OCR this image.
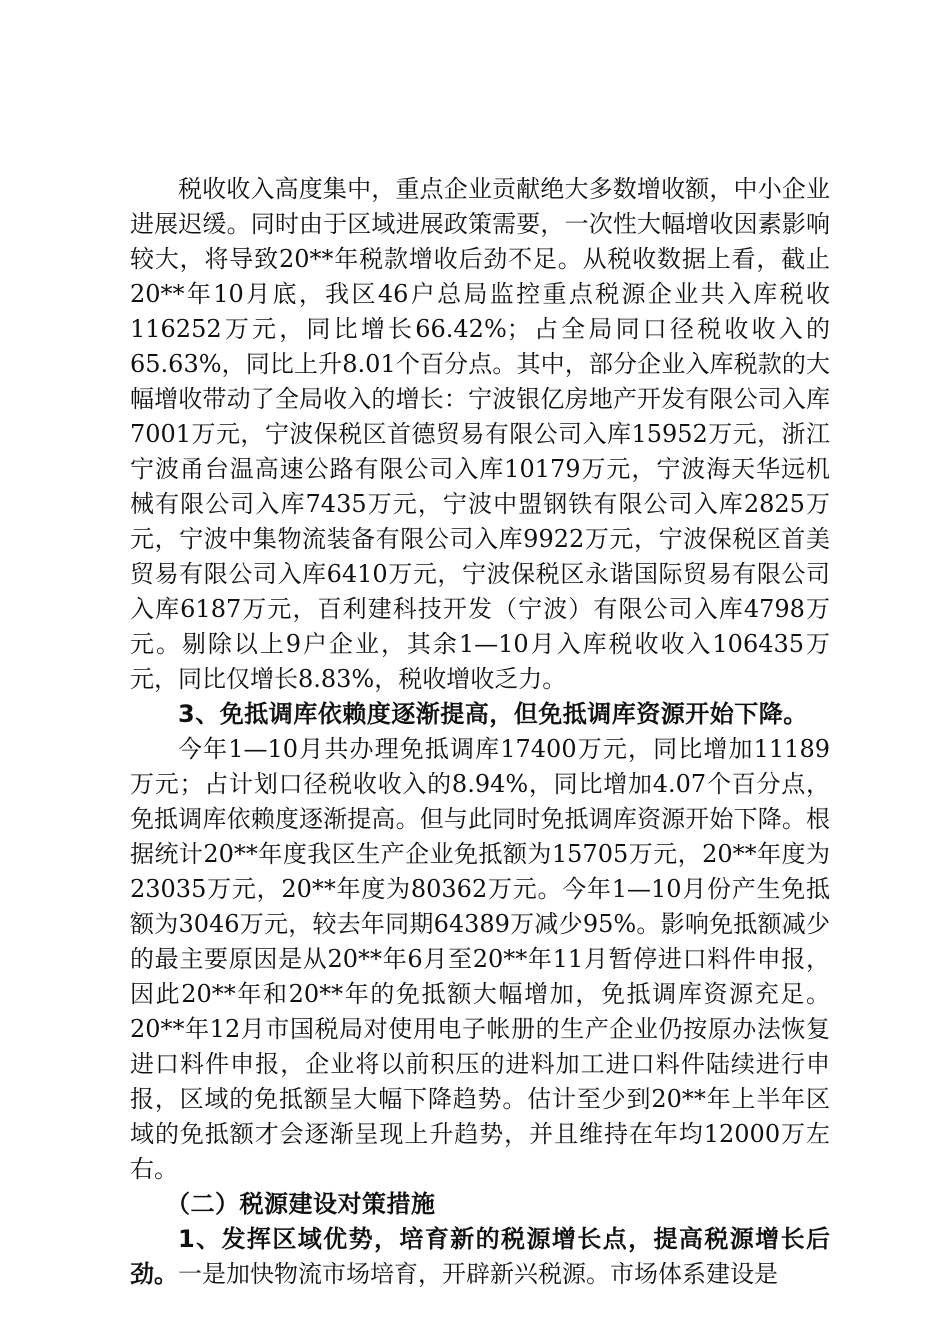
税收收入高度集中，重点企业贡献绝大多数增收额，中小企业进展迟缓。同时由于区域进展政策需要，一次性大幅增收因素影响较大，将导致20**年税款增收后劲不足。从税收数据上看，截止20**年10月底，我区46户总局监控重点税源企业共入库税收116252万元，同比增长66.42%；占全局同口径税收收入的65.63%，同比上升8.01个百分点。其中，部分企业入库税款的大幅增收带动了全局收入的增长：宁波银亿房地产开发有限公司入库7001万元，宁波保税区首德贸易有限公司入库15952万元，浙江宁波甬台温高速公路有限公司入库10179万元，宁波海天华远机械有限公司入库7435万元，宁波中盟钢铁有限公司入库2825万元，宁波中集物流装备有限公司入库9922万元，宁波保税区首美贸易有限公司入库6410万元，宁波保税区永谐国际贸易有限公司入库6187万元，百利建科技开发（宁波）有限公司入库4798万元。剔除以上9户企业，其余1—10月入库税收收入106435万元，同比仅增长8.83%，税收增收乏力。

3、免抵调库依赖度逐渐提高，但免抵调库资源开始下降。

今年1—10月共办理免抵调库17400万元，同比增加11189万元；占计划口径税收收入的8.94%，同比增加4.07个百分点，免抵调库依赖度逐渐提高。但与此同时免抵调库资源开始下降。根据统计20**年度我区生产企业免抵额为15705万元，20**年度为23035万元，20**年度为80362万元。今年1—10月份产生免抵额为3046万元，较去年同期64389万减少95%。影响免抵额减少的最主要原因是从20**年6月至20**年11月暂停进口料件申报，因此20**年和20**年的免抵额大幅增加，免抵调库资源充足。20**年12月市国税局对使用电子帐册的生产企业仍按原办法恢复进口料件申报，企业将以前积压的进料加工进口料件陆续进行申报，区域的免抵额呈大幅下降趋势。估计至少到20**年上半年区域的免抵额才会逐渐呈现上升趋势，并且维持在年均12000万左右。

（二）税源建设对策措施

1、发挥区域优势，培育新的税源增长点，提高税源增长后劲。一是加快物流市场培育，开辟新兴税源。市场体系建设是
